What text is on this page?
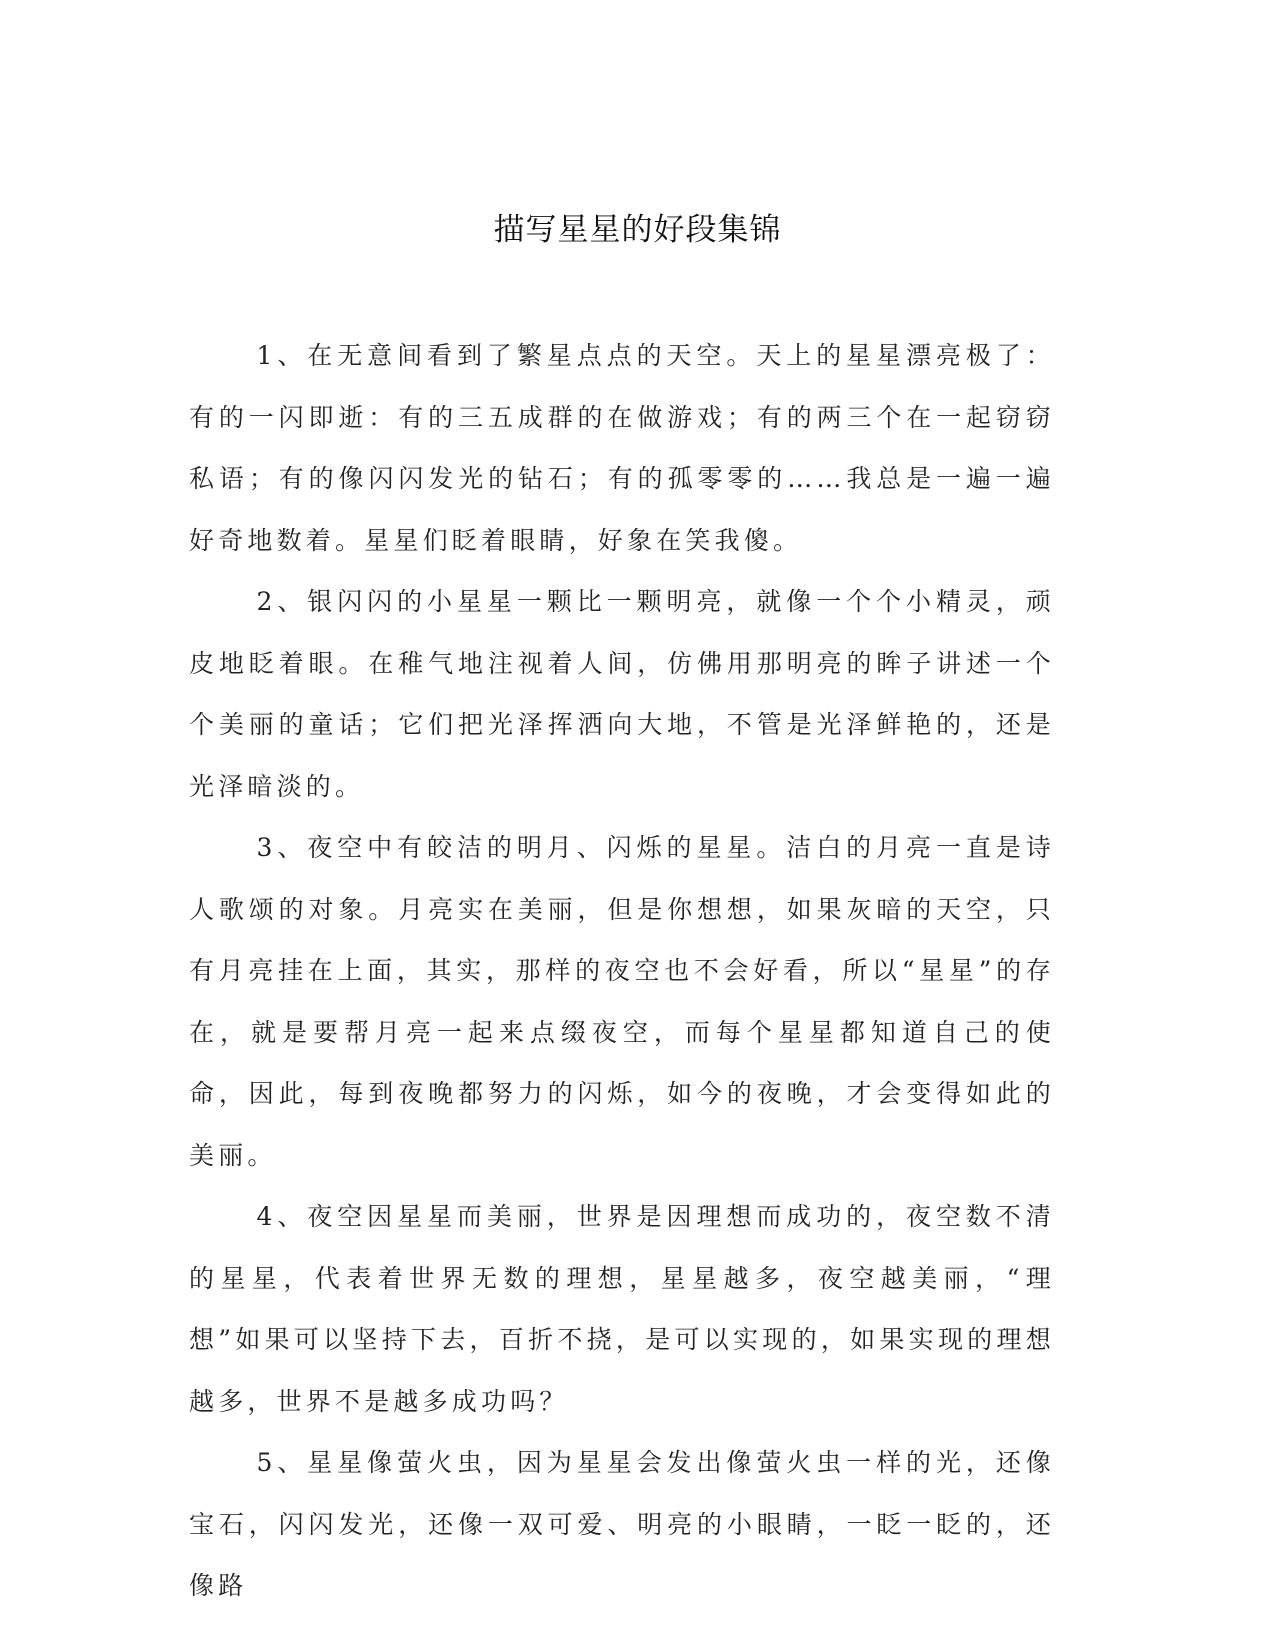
描写星星的好段集锦

1、在无意间看到了繁星点点的天空。天上的星星漂亮极了：有的一闪即逝：有的三五成群的在做游戏；有的两三个在一起窃窃私语；有的像闪闪发光的钻石；有的孤零零的……我总是一遍一遍好奇地数着。星星们眨着眼睛，好象在笑我傻。

2、银闪闪的小星星一颗比一颗明亮，就像一个个小精灵，顽皮地眨着眼。在稚气地注视着人间，仿佛用那明亮的眸子讲述一个个美丽的童话；它们把光泽挥洒向大地，不管是光泽鲜艳的，还是光泽暗淡的。

3、夜空中有皎洁的明月、闪烁的星星。洁白的月亮一直是诗人歌颂的对象。月亮实在美丽，但是你想想，如果灰暗的天空，只有月亮挂在上面，其实，那样的夜空也不会好看，所以“星星”的存在，就是要帮月亮一起来点缀夜空，而每个星星都知道自己的使命，因此，每到夜晚都努力的闪烁，如今的夜晚，才会变得如此的美丽。

4、夜空因星星而美丽，世界是因理想而成功的，夜空数不清的星星，代表着世界无数的理想，星星越多，夜空越美丽，“理想”如果可以坚持下去，百折不挠，是可以实现的，如果实现的理想越多，世界不是越多成功吗？

5、星星像萤火虫，因为星星会发出像萤火虫一样的光，还像宝石，闪闪发光，还像一双可爱、明亮的小眼睛，一眨一眨的，还像路
